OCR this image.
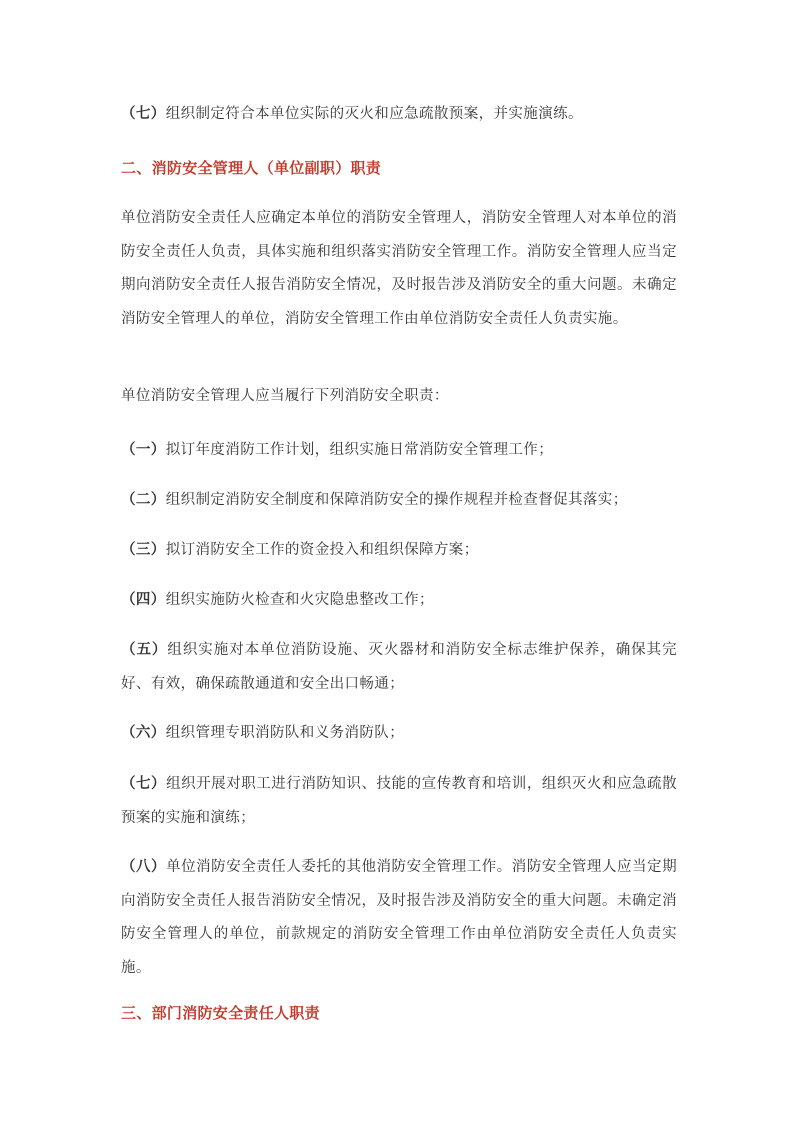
（七）组织制定符合本单位实际的灭火和应急疏散预案，并实施演练。

二、消防安全管理人（单位副职）职责

单位消防安全责任人应确定本单位的消防安全管理人，消防安全管理人对本单位的消防安全责任人负责，具体实施和组织落实消防安全管理工作。消防安全管理人应当定期向消防安全责任人报告消防安全情况，及时报告涉及消防安全的重大问题。未确定消防安全管理人的单位，消防安全管理工作由单位消防安全责任人负责实施。

单位消防安全管理人应当履行下列消防安全职责：

（一）拟订年度消防工作计划，组织实施日常消防安全管理工作；

（二）组织制定消防安全制度和保障消防安全的操作规程并检查督促其落实；

（三）拟订消防安全工作的资金投入和组织保障方案；

（四）组织实施防火检查和火灾隐患整改工作；

（五）组织实施对本单位消防设施、灭火器材和消防安全标志维护保养，确保其完好、有效，确保疏散通道和安全出口畅通；

（六）组织管理专职消防队和义务消防队；

（七）组织开展对职工进行消防知识、技能的宣传教育和培训，组织灭火和应急疏散预案的实施和演练；

（八）单位消防安全责任人委托的其他消防安全管理工作。消防安全管理人应当定期向消防安全责任人报告消防安全情况，及时报告涉及消防安全的重大问题。未确定消防安全管理人的单位，前款规定的消防安全管理工作由单位消防安全责任人负责实施。

三、部门消防安全责任人职责
